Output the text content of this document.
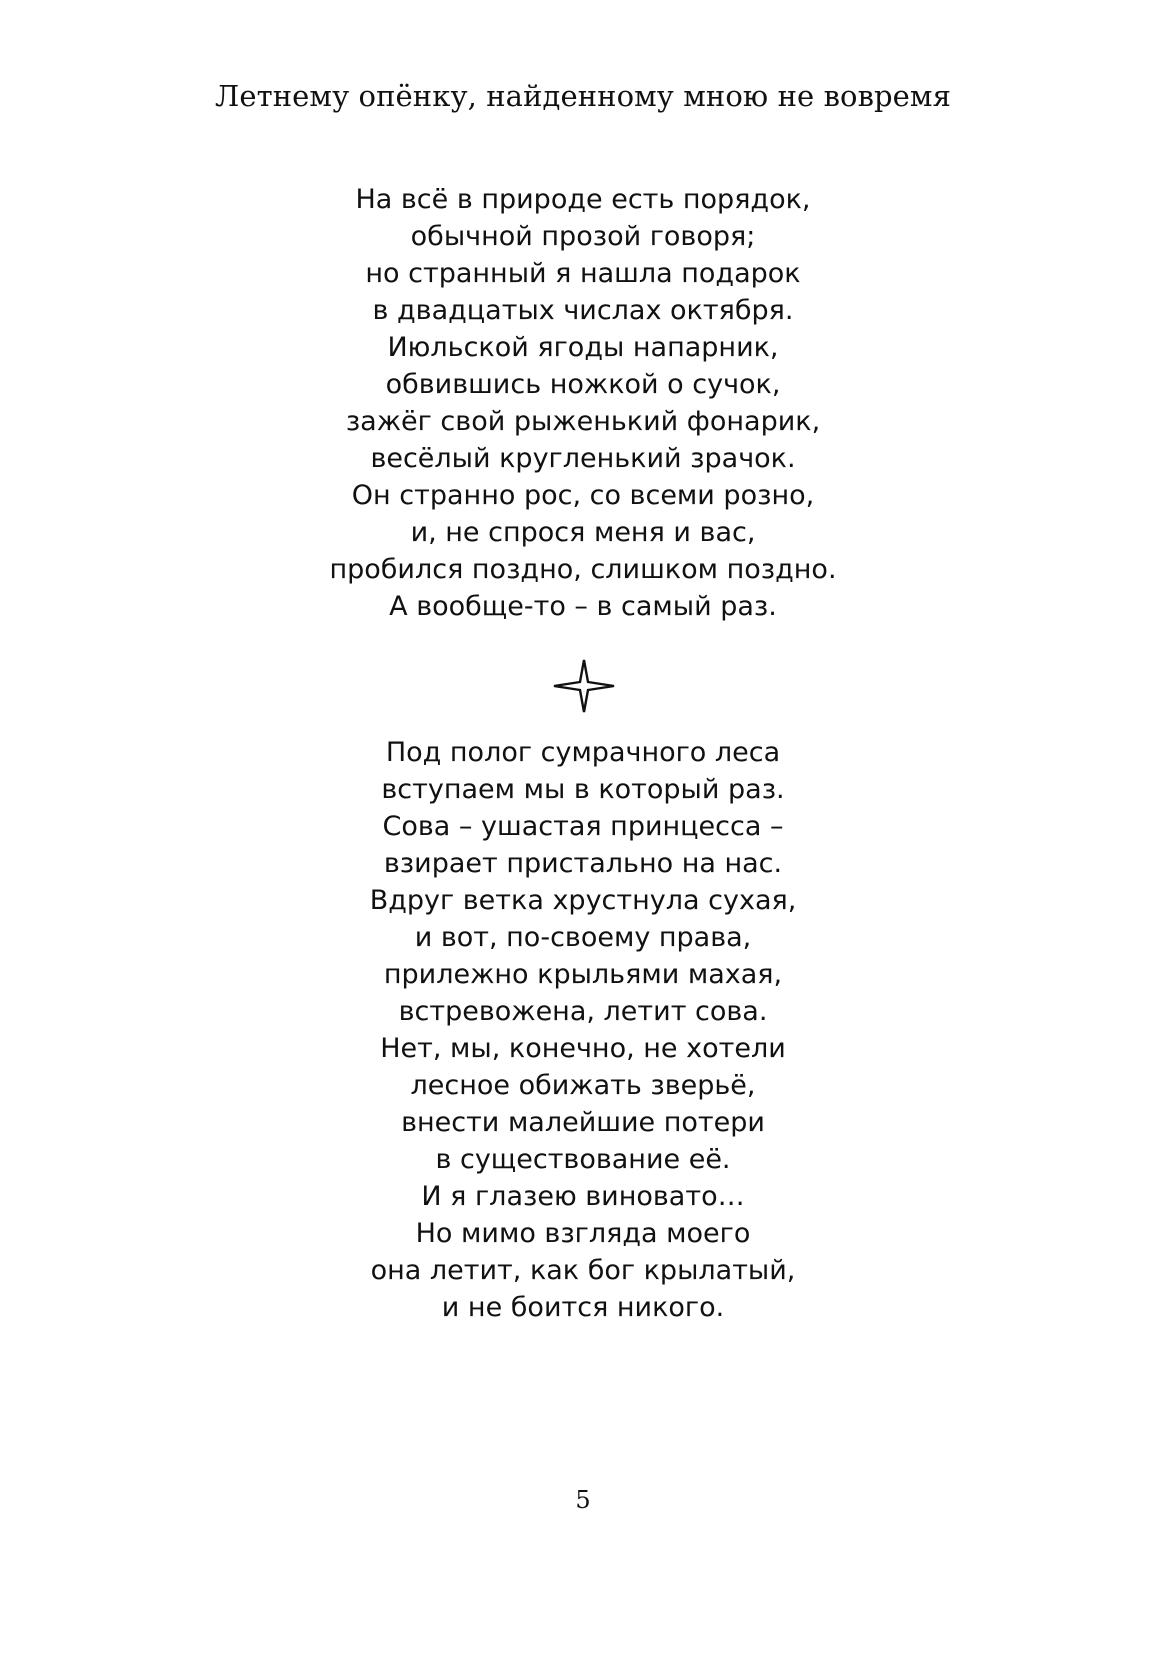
Летнему опёнку, найденному мною не вовремя
На всё в природе есть порядок,
обычной прозой говоря;
но странный я нашла подарок
в двадцатых числах октября.
Июльской ягоды напарник,
обвившись ножкой о сучок,
зажёг свой рыженький фонарик,
весёлый кругленький зрачок.
Он странно рос, со всеми розно,
и, не спрося меня и вас,
пробился поздно, слишком поздно.
А вообще-то – в самый раз.
Под полог сумрачного леса
вступаем мы в который раз.
Сова – ушастая принцесса –
взирает пристально на нас.
Вдруг ветка хрустнула сухая,
и вот, по-своему права,
прилежно крыльями махая,
встревожена, летит сова.
Нет, мы, конечно, не хотели
лесное обижать зверьё,
внести малейшие потери
в существование её.
И я глазею виновато…
Но мимо взгляда моего
она летит, как бог крылатый,
и не боится никого.
5
